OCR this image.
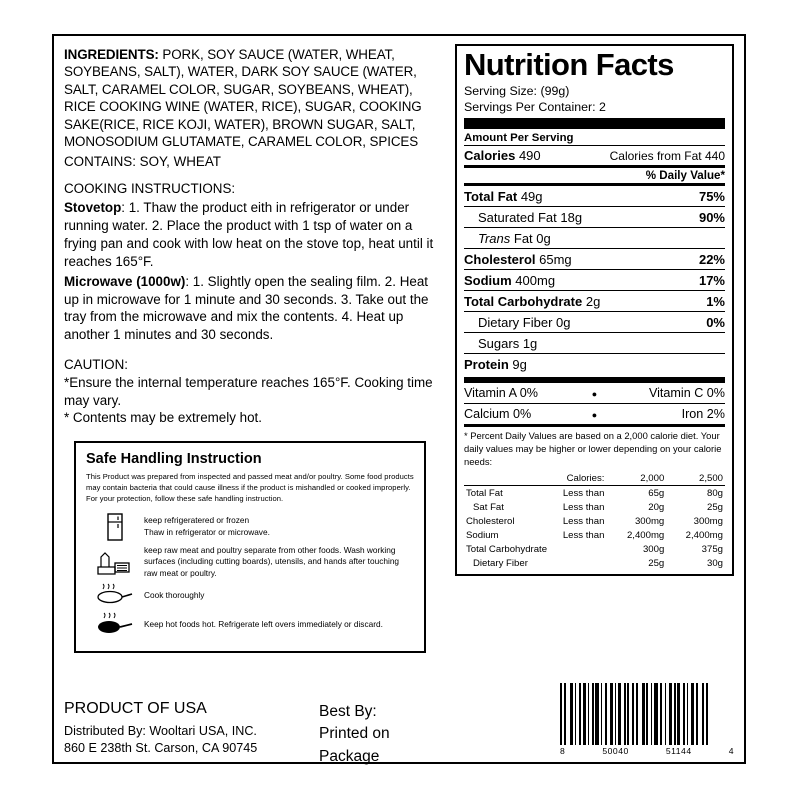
INGREDIENTS: PORK, SOY SAUCE (WATER, WHEAT, SOYBEANS, SALT), WATER, DARK SOY SAUCE (WATER, SALT, CARAMEL COLOR, SUGAR, SOYBEANS, WHEAT), RICE COOKING WINE (WATER, RICE), SUGAR, COOKING SAKE(RICE, RICE KOJI, WATER), BROWN SUGAR, SALT, MONOSODIUM GLUTAMATE, CARAMEL COLOR, SPICES
CONTAINS: SOY, WHEAT
COOKING INSTRUCTIONS:
Stovetop: 1. Thaw the product eith in refrigerator or under running water. 2. Place the product with 1 tsp of water on a frying pan and cook with low heat on the stove top, heat until it reaches 165°F.
Microwave (1000w): 1. Slightly open the sealing film. 2. Heat up in microwave for 1 minute and 30 seconds. 3. Take out the tray from the microwave and mix the contents. 4. Heat up another 1 minutes and 30 seconds.
CAUTION:
*Ensure the internal temperature reaches 165°F. Cooking time may vary.
* Contents may be extremely hot.
Safe Handling Instruction
This Product was prepared from inspected and passed meat and/or poultry. Some food products may contain bacteria that could cause illness if the product is mishandled or cooked improperly. For your protection, follow these safe handling instruction.
keep refrigeratered or frozen
Thaw in refrigerator or microwave.
keep raw meat and poultry separate from other foods. Wash working surfaces (including cutting boards), utensils, and hands after touching raw meat or poultry.
Cook thoroughly
Keep hot foods hot. Refrigerate left overs immediately or discard.
PRODUCT OF USA
Distributed By: Wooltari USA, INC.
860 E 238th St. Carson, CA 90745
Best By:
Printed on Package
Nutrition Facts
Serving Size: (99g)
Servings Per Container: 2
Amount Per Serving
Calories 490	Calories from Fat 440
% Daily Value*
Total Fat 49g	75%
Saturated Fat 18g	90%
Trans Fat 0g
Cholesterol 65mg	22%
Sodium 400mg	17%
Total Carbohydrate 2g	1%
Dietary Fiber 0g	0%
Sugars 1g
Protein 9g
Vitamin A 0%	●	Vitamin C 0%
Calcium 0%	●	Iron 2%
* Percent Daily Values are based on a 2,000 calorie diet. Your daily values may be higher or lower depending on your calorie needs:
	Calories:	2,000	2,500
Total Fat	Less than	65g	80g
Sat Fat	Less than	20g	25g
Cholesterol	Less than	300mg	300mg
Sodium	Less than	2,400mg	2,400mg
Total Carbohydrate		300g	375g
Dietary Fiber		25g	30g
8	50040	51144	4
